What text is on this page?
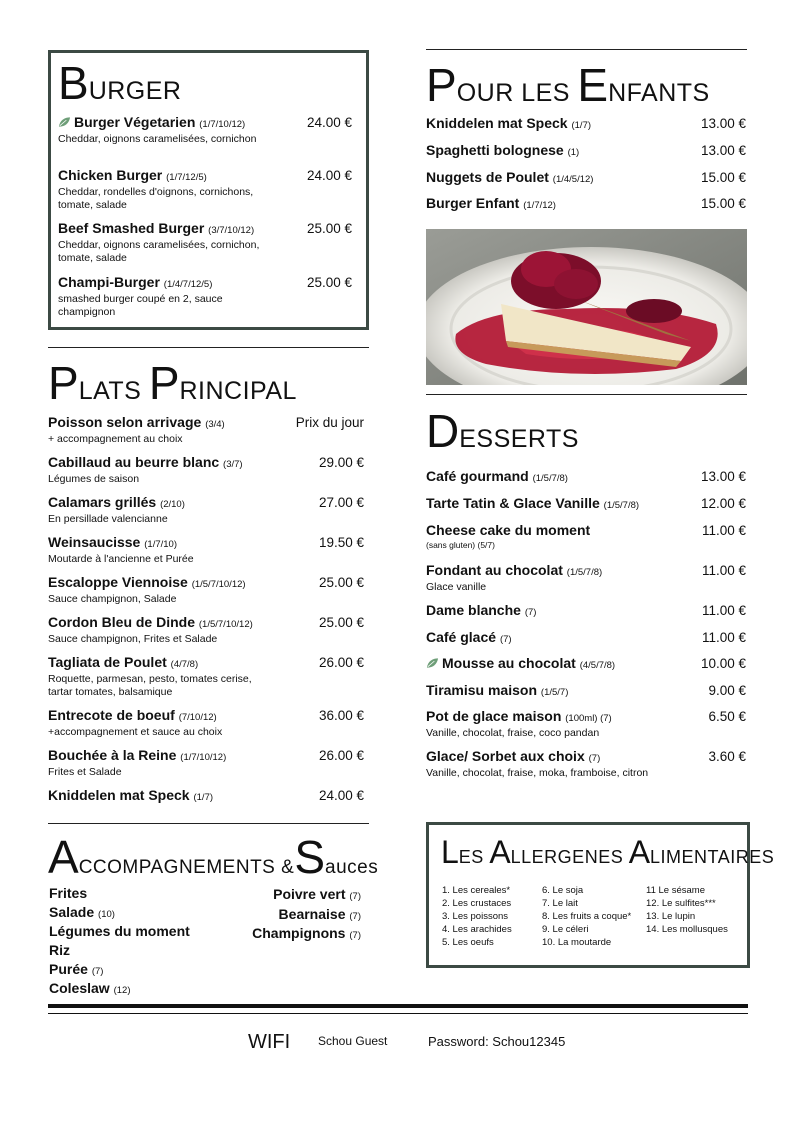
BURGER
Burger Végetarien (1/7/10/12)
Cheddar, oignons caramelisées, cornichon
24.00 €
Chicken Burger (1/7/12/5)
Cheddar, rondelles d'oignons, cornichons, tomate, salade
24.00 €
Beef Smashed Burger (3/7/10/12)
Cheddar, oignons caramelisées, cornichon, tomate, salade
25.00 €
Champi-Burger (1/4/7/12/5)
smashed burger coupé en 2, sauce champignon
25.00 €
PLATS PRINCIPAL
Poisson selon arrivage (3/4)
+ accompagnement au choix
Prix du jour
Cabillaud au beurre blanc (3/7)
Légumes de saison
29.00 €
Calamars grillés (2/10)
En persillade valencianne
27.00 €
Weinsaucisse (1/7/10)
Moutarde à l'ancienne et Purée
19.50 €
Escaloppe Viennoise (1/5/7/10/12)
Sauce champignon, Salade
25.00 €
Cordon Bleu de Dinde (1/5/7/10/12)
Sauce champignon, Frites et Salade
25.00 €
Tagliata de Poulet (4/7/8)
Roquette, parmesan, pesto, tomates cerise, tartar tomates, balsamique
26.00 €
Entrecote de boeuf (7/10/12)
+accompagnement et sauce au choix
36.00 €
Bouchée à la Reine (1/7/10/12)
Frites et Salade
26.00 €
Kniddelen mat Speck (1/7)	24.00 €
ACCOMPAGNEMENTS &Sauces
Frites
Salade (10)
Légumes du moment
Riz
Purée (7)
Coleslaw (12)
Poivre vert (7)
Bearnaise (7)
Champignons (7)
POUR LES ENFANTS
Kniddelen mat Speck (1/7)	13.00 €
Spaghetti bolognese (1)	13.00 €
Nuggets de Poulet (1/4/5/12)	15.00 €
Burger Enfant (1/7/12)	15.00 €
DESSERTS
Café gourmand (1/5/7/8)	13.00 €
Tarte Tatin & Glace Vanille (1/5/7/8)	12.00 €
Cheese cake du moment
(sans gluten) (5/7)
11.00 €
Fondant au chocolat (1/5/7/8)
Glace vanille
11.00 €
Dame blanche (7)	11.00 €
Café glacé (7)	11.00 €
Mousse au chocolat (4/5/7/8)	10.00 €
Tiramisu maison (1/5/7)	9.00 €
Pot de glace maison (100ml) (7)
Vanille, chocolat, fraise, coco pandan
6.50 €
Glace/ Sorbet aux choix (7)
Vanille, chocolat, fraise, moka, framboise, citron
3.60 €
LES ALLERGENES ALIMENTAIRES
1. Les cereales*
2. Les crustaces
3. Les poissons
4. Les arachides
5. Les oeufs
6. Le soja
7. Le lait
8. Les fruits a coque*
9. Le céleri
10. La moutarde
11 Le sésame
12. Le sulfites***
13. Le lupin
14. Les mollusques
WIFI Schou Guest	Password: Schou12345
